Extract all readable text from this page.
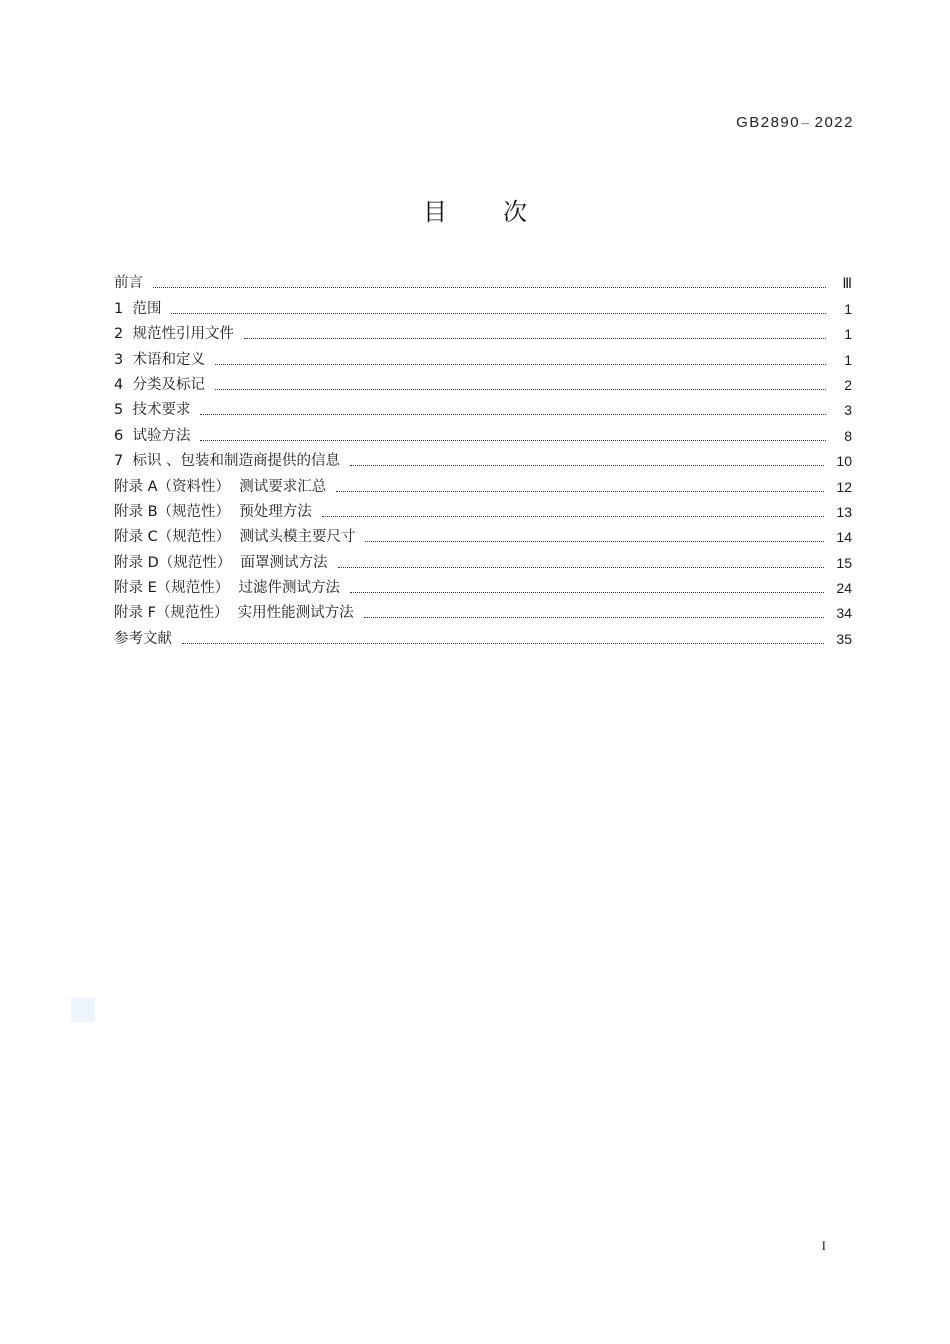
GB2890— 2022
目次
前言	Ⅲ
1  范围	1
2  规范性引用文件	1
3  术语和定义	1
4  分类及标记	2
5  技术要求	3
6  试验方法	8
7  标识 、包装和制造商提供的信息	10
附录 A（资料性）  测试要求汇总	12
附录 B（规范性）  预处理方法	13
附录 C（规范性）  测试头模主要尺寸	14
附录 D（规范性）  面罩测试方法	15
附录 E（规范性）  过滤件测试方法	24
附录 F（规范性）  实用性能测试方法	34
参考文献	35
I
